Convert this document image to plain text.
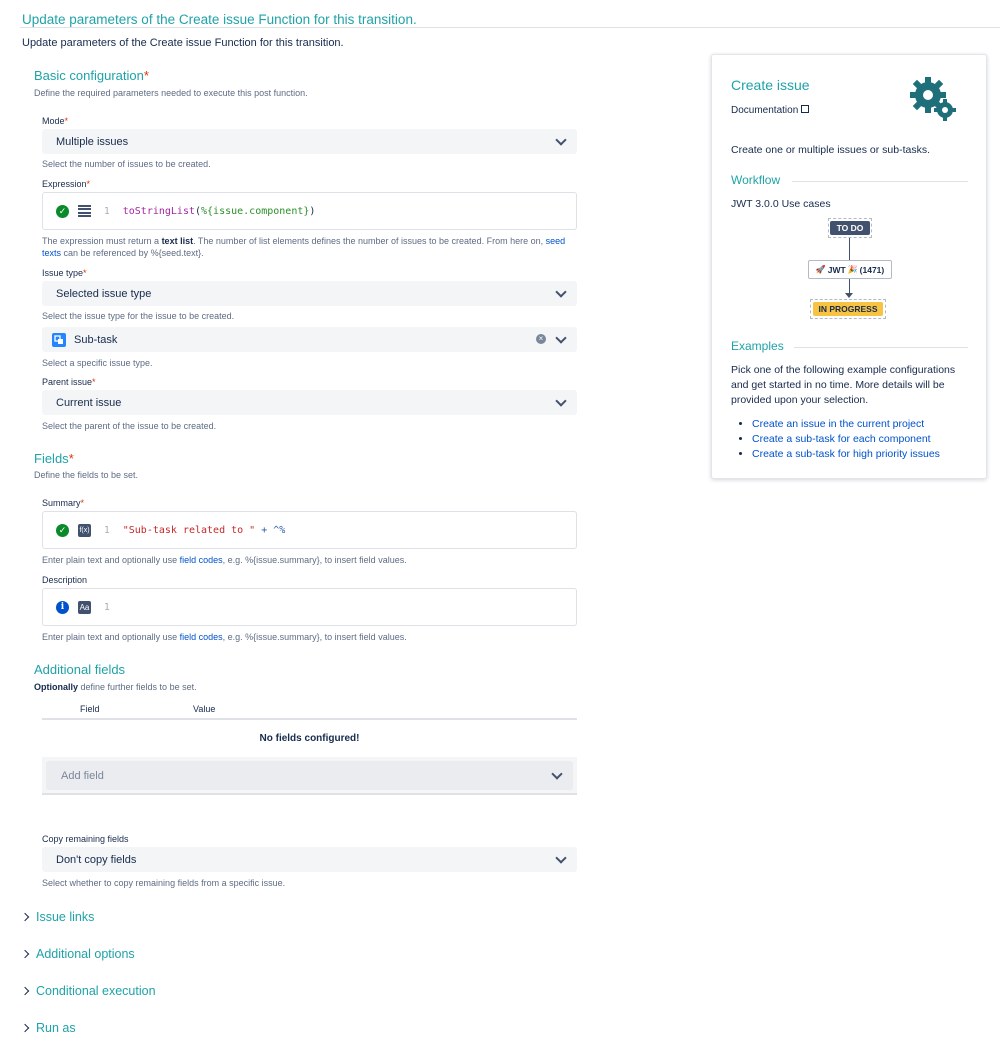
Update parameters of the Create issue Function for this transition.
Update parameters of the Create issue Function for this transition.
Basic configuration*
Define the required parameters needed to execute this post function.
Mode*
Multiple issues
Select the number of issues to be created.
Expression*
✓	1 toStringList(%{issue.component})
The expression must return a text list. The number of list elements defines the number of issues to be created. From here on, seed texts can be referenced by %{seed.text}.
Issue type*
Selected issue type
Select the issue type for the issue to be created.
Sub-task	×
Select a specific issue type.
Parent issue*
Current issue
Select the parent of the issue to be created.
Fields*
Define the fields to be set.
Summary*
✓	f(x) 1 "Sub-task related to " + ^%
Enter plain text and optionally use field codes, e.g. %{issue.summary}, to insert field values.
Description
i	Aa 1
Enter plain text and optionally use field codes, e.g. %{issue.summary}, to insert field values.
Additional fields
Optionally define further fields to be set.
Field	Value
No fields configured!
Add field
Copy remaining fields
Don't copy fields
Select whether to copy remaining fields from a specific issue.
Issue links
Additional options
Conditional execution
Run as
Create issue
Documentation
Create one or multiple issues or sub-tasks.
Workflow
JWT 3.0.0 Use cases
TO DO
🚀 JWT 🎉 (1471)
IN PROGRESS
Examples
Pick one of the following example configurations and get started in no time. More details will be provided upon your selection.
• Create an issue in the current project
• Create a sub-task for each component
• Create a sub-task for high priority issues
